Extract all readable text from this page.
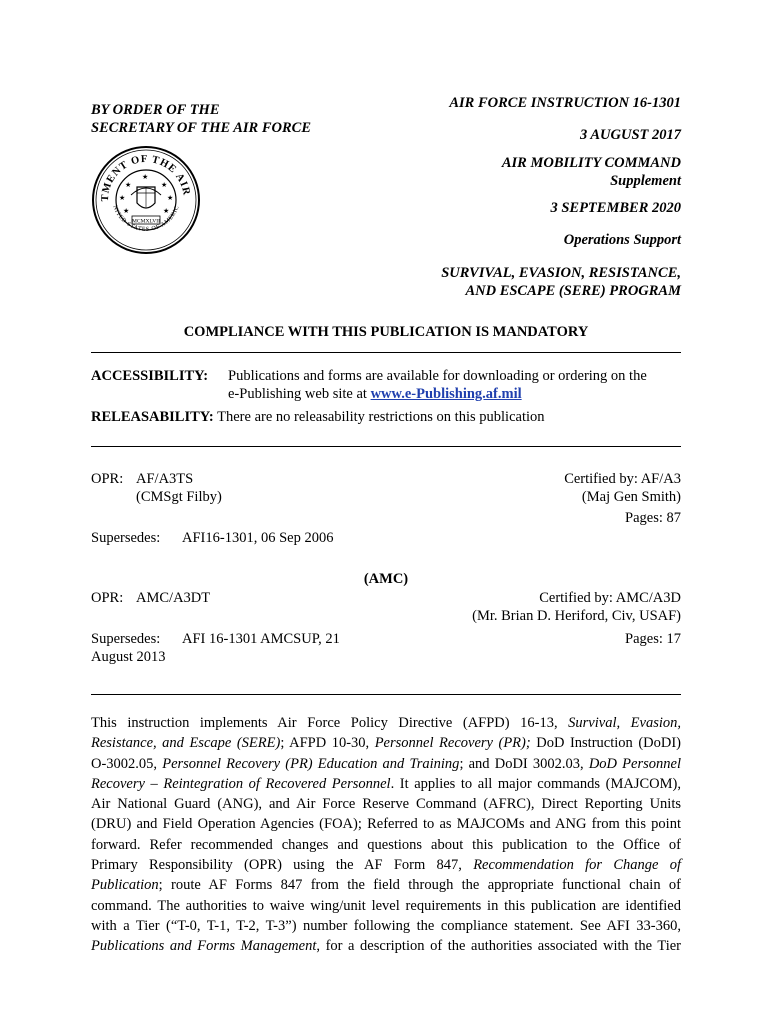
BY ORDER OF THE
SECRETARY OF THE AIR FORCE
TMENT OF THE AIR
NITED STATES OF AMERIC
★
★
★
★
★
★
★
MCMXLVII
AIR FORCE INSTRUCTION 16-1301
3 AUGUST 2017
AIR MOBILITY COMMAND
Supplement
3 SEPTEMBER 2020
Operations Support
SURVIVAL, EVASION, RESISTANCE,
AND ESCAPE (SERE) PROGRAM
COMPLIANCE WITH THIS PUBLICATION IS MANDATORY
ACCESSIBILITY: Publications and forms are available for downloading or ordering on the
e-Publishing web site at www.e-Publishing.af.mil
RELEASABILITY: There are no releasability restrictions on this publication
OPR: AF/A3TS
(CMSgt Filby)
Certified by: AF/A3
(Maj Gen Smith)
Pages: 87
Supersedes: AFI16-1301, 06 Sep 2006
(AMC)
OPR: AMC/A3DT	Certified by: AMC/A3D
(Mr. Brian D. Heriford, Civ, USAF)
Pages: 17
Supersedes: AFI 16-1301 AMCSUP, 21
August 2013
This instruction implements Air Force Policy Directive (AFPD) 16-13, Survival, Evasion,
Resistance, and Escape (SERE); AFPD 10-30, Personnel Recovery (PR); DoD Instruction (DoDI)
O-3002.05, Personnel Recovery (PR) Education and Training; and DoDI 3002.03, DoD Personnel
Recovery – Reintegration of Recovered Personnel. It applies to all major commands (MAJCOM),
Air National Guard (ANG), and Air Force Reserve Command (AFRC), Direct Reporting Units
(DRU) and Field Operation Agencies (FOA); Referred to as MAJCOMs and ANG from this point
forward. Refer recommended changes and questions about this publication to the Office of
Primary Responsibility (OPR) using the AF Form 847, Recommendation for Change of
Publication; route AF Forms 847 from the field through the appropriate functional chain of
command. The authorities to waive wing/unit level requirements in this publication are identified
with a Tier (“T-0, T-1, T-2, T-3”) number following the compliance statement. See AFI 33-360,
Publications and Forms Management, for a description of the authorities associated with the Tier
